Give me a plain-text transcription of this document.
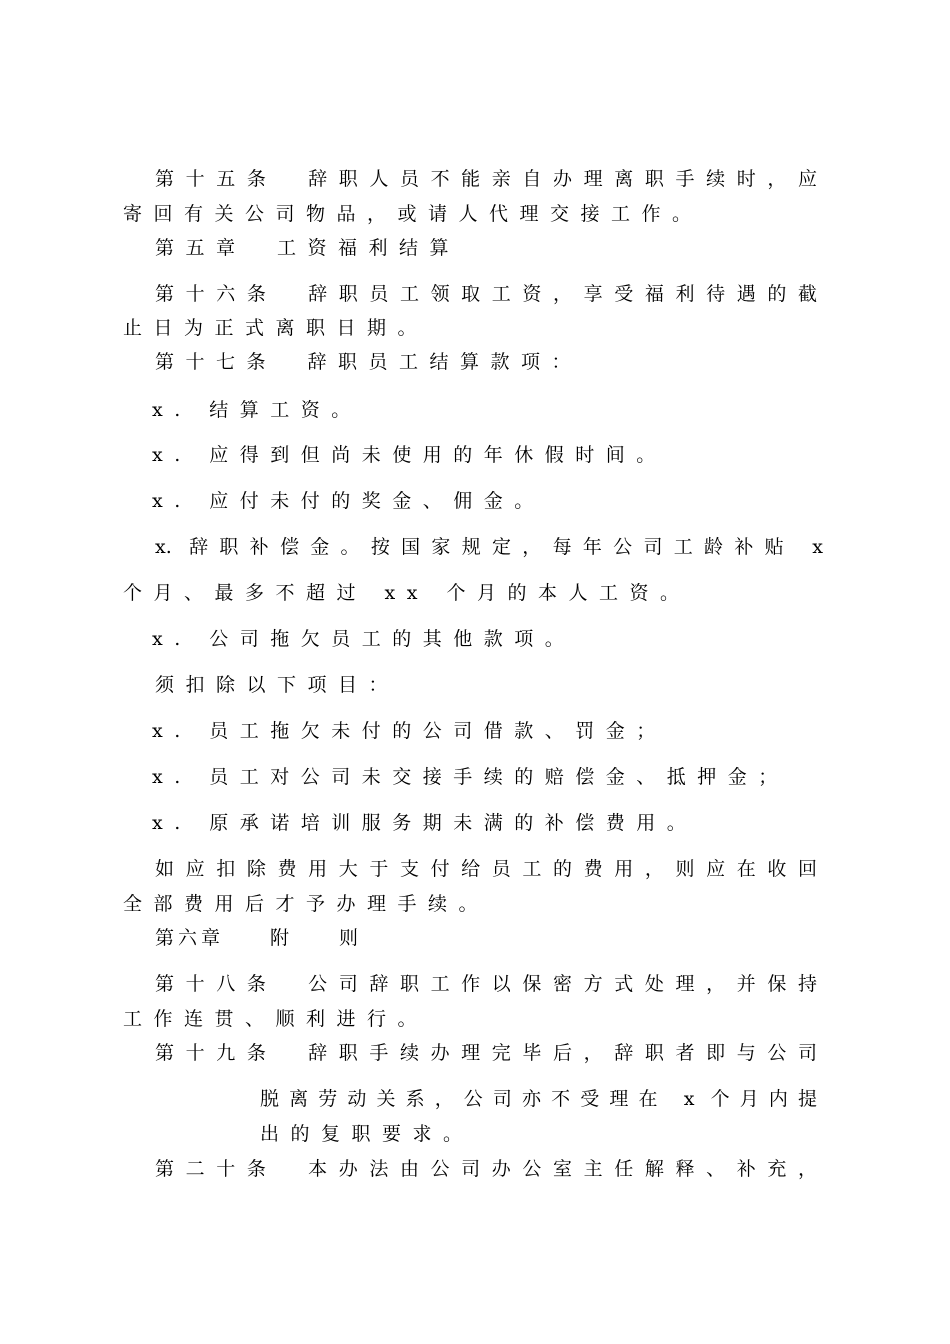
第十五条　辞职人员不能亲自办理离职手续时，应
寄回有关公司物品，或请人代理交接工作。
第五章　工资福利结算
第十六条　辞职员工领取工资，享受福利待遇的截
止日为正式离职日期。
第十七条　辞职员工结算款项：
x. 结算工资。
x. 应得到但尚未使用的年休假时间。
x. 应付未付的奖金、佣金。
x. 辞职补偿金。按国家规定，每年公司工龄补贴 x
个月、最多不超过 xx 个月的本人工资。
x. 公司拖欠员工的其他款项。
须扣除以下项目：
x. 员工拖欠未付的公司借款、罚金；
x. 员工对公司未交接手续的赔偿金、抵押金；
x. 原承诺培训服务期未满的补偿费用。
如应扣除费用大于支付给员工的费用，则应在收回
全部费用后才予办理手续。
第六章　　附　　则
第十八条　公司辞职工作以保密方式处理，并保持
工作连贯、顺利进行。
第十九条　辞职手续办理完毕后，辞职者即与公司
脱离劳动关系，公司亦不受理在 x 个月内提
出的复职要求。
第二十条　本办法由公司办公室主任解释、补充，
